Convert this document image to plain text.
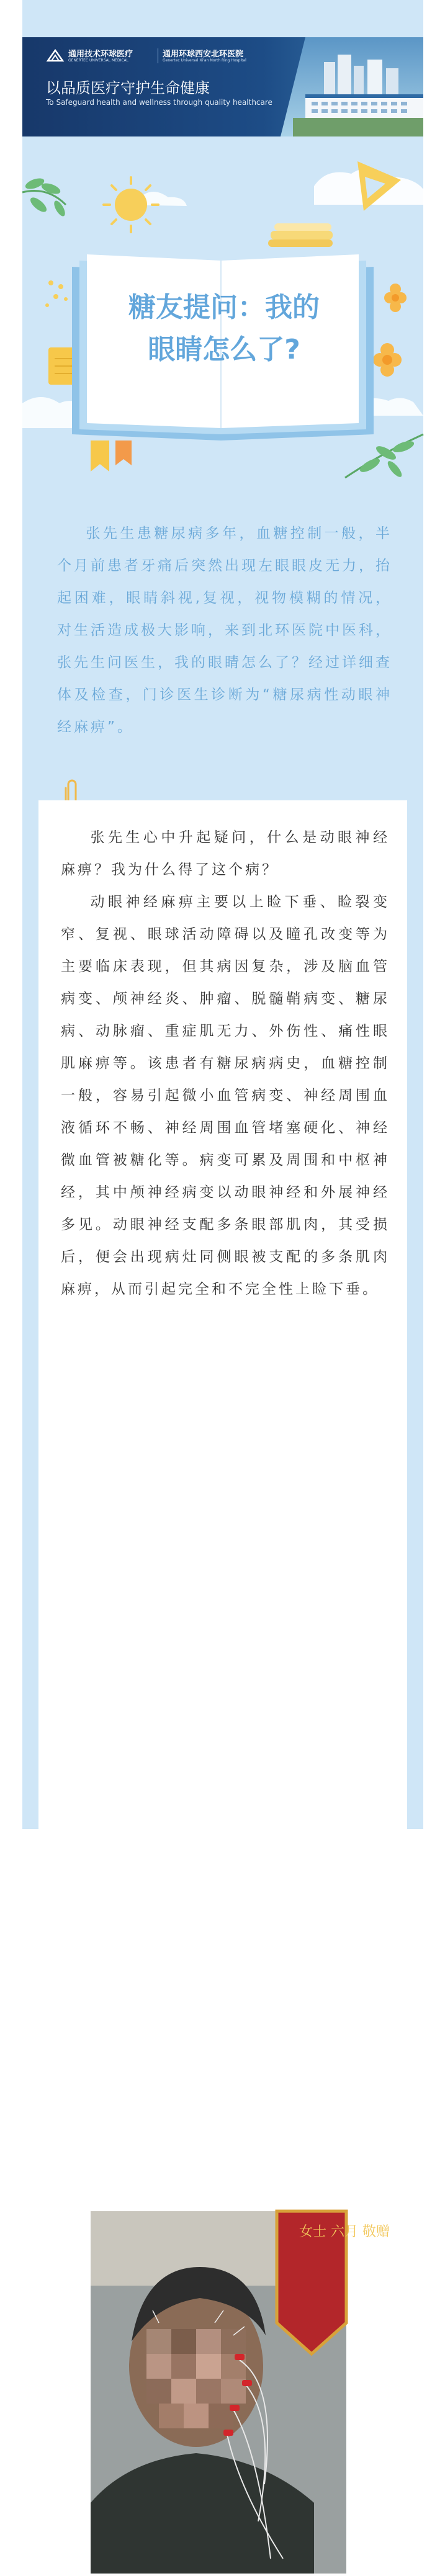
通用技术环球医疗
GENERTEC UNIVERSAL MEDICAL
通用环球西安北环医院
Genertec Universal Xi'an North Ring Hospital
以品质医疗守护生命健康
To Safeguard health and wellness through quality healthcare
糖友提问：我的
眼睛怎么了?
张先生患糖尿病多年，血糖控制一般，半个月前患者牙痛后突然出现左眼眼皮无力，抬起困难，眼睛斜视,复视，视物模糊的情况，对生活造成极大影响，来到北环医院中医科，张先生问医生，我的眼睛怎么了？经过详细查体及检查，门诊医生诊断为“糖尿病性动眼神经麻痹”。

张先生心中升起疑问，什么是动眼神经麻痹？我为什么得了这个病？

动眼神经麻痹主要以上睑下垂、睑裂变窄、复视、眼球活动障碍以及瞳孔改变等为主要临床表现，但其病因复杂，涉及脑血管病变、颅神经炎、肿瘤、脱髓鞘病变、糖尿病、动脉瘤、重症肌无力、外伤性、痛性眼肌麻痹等。该患者有糖尿病病史，血糖控制一般，容易引起微小血管病变、神经周围血液循环不畅、神经周围血管堵塞硬化、神经微血管被糖化等。病变可累及周围和中枢神经，其中颅神经病变以动眼神经和外展神经多见。动眼神经支配多条眼部肌肉，其受损后，便会出现病灶同侧眼被支配的多条肌肉麻痹，从而引起完全和不完全性上睑下垂。

女士 六月 敬赠
